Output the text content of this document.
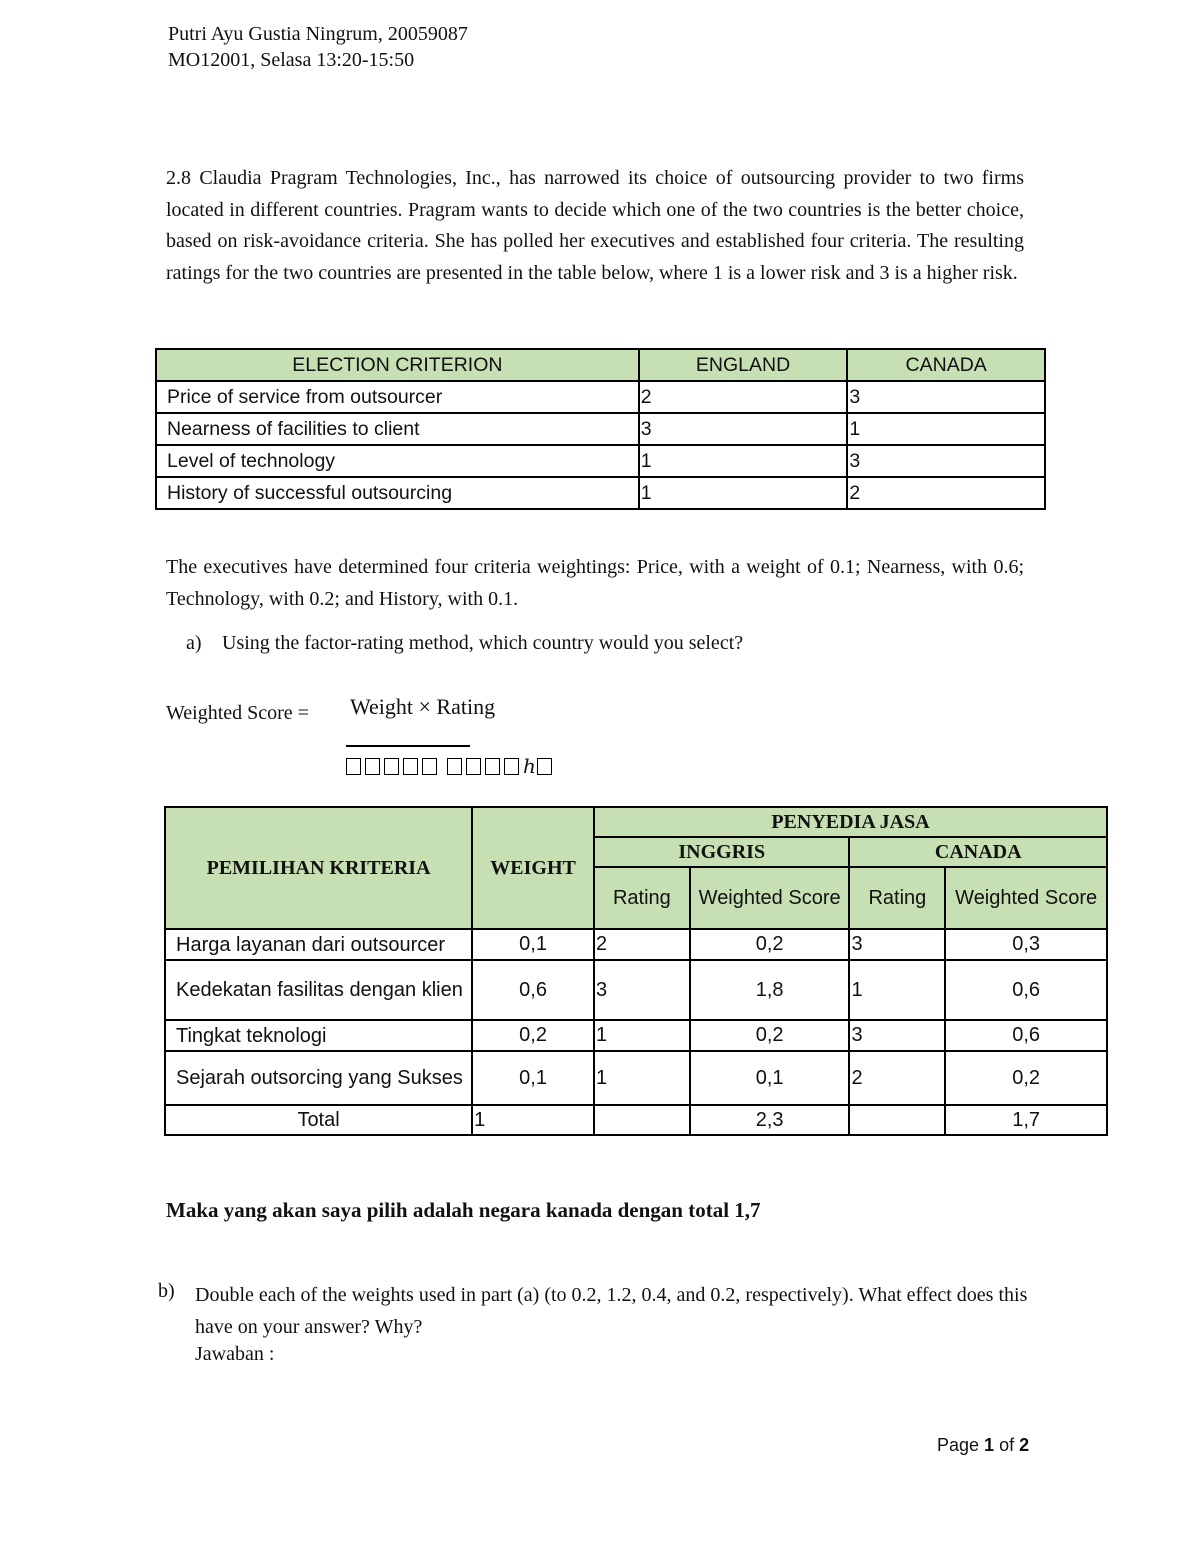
Putri Ayu Gustia Ningrum, 20059087
MO12001, Selasa 13:20-15:50
2.8 Claudia Pragram Technologies, Inc., has narrowed its choice of outsourcing provider to two firms located in different countries. Pragram wants to decide which one of the two countries is the better choice, based on risk-avoidance criteria. She has polled her executives and established four criteria. The resulting ratings for the two countries are presented in the table below, where 1 is a lower risk and 3 is a higher risk.
ELECTION CRITERION	ENGLAND	CANADA
Price of service from outsourcer	2	3
Nearness of facilities to client	3	1
Level of technology	1	3
History of successful outsourcing	1	2
The executives have determined four criteria weightings: Price, with a weight of 0.1; Nearness, with 0.6; Technology, with 0.2; and History, with 0.1.
a) Using the factor-rating method, which country would you select?
Weighted Score = Weight × Rating
h
PEMILIHAN KRITERIA	WEIGHT	PENYEDIA JASA			
		INGGRIS		CANADA	
		Rating	Weighted Score	Rating	Weighted Score
Harga layanan dari outsourcer	0,1	2	0,2	3	0,3
Kedekatan fasilitas dengan klien	0,6	3	1,8	1	0,6
Tingkat teknologi	0,2	1	0,2	3	0,6
Sejarah outsorcing yang Sukses	0,1	1	0,1	2	0,2
Total	1		2,3		1,7
Maka yang akan saya pilih adalah negara kanada dengan total 1,7
b) Double each of the weights used in part (a) (to 0.2, 1.2, 0.4, and 0.2, respectively). What effect does this have on your answer? Why?
Jawaban :
Page 1 of 2
